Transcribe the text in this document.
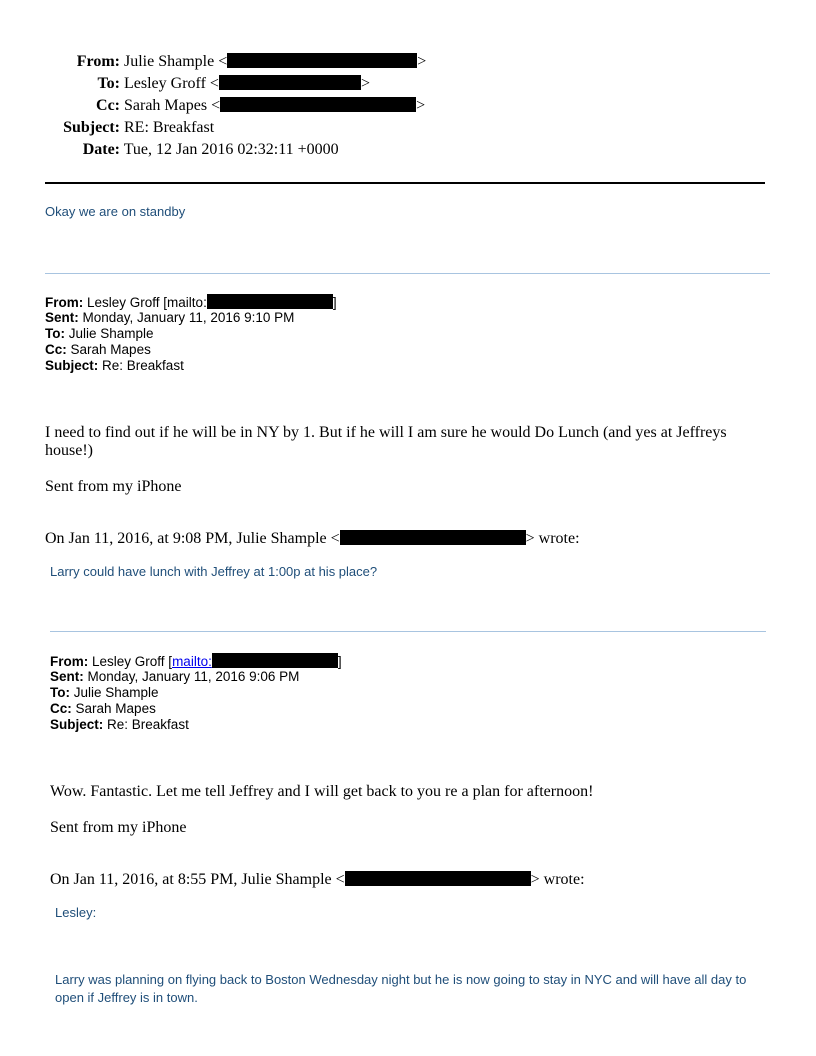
From: Julie Shample <	>
To: Lesley Groff <	>
Cc: Sarah Mapes <	>
Subject: RE: Breakfast
Date: Tue, 12 Jan 2016 02:32:11 +0000
Okay we are on standby
From: Lesley Groff [mailto:	]
Sent: Monday, January 11, 2016 9:10 PM
To: Julie Shample
Cc: Sarah Mapes
Subject: Re: Breakfast
I need to find out if he will be in NY by 1. But if he will I am sure he would Do Lunch (and yes at Jeffreys
house!)
Sent from my iPhone
On Jan 11, 2016, at 9:08 PM, Julie Shample <	> wrote:
Larry could have lunch with Jeffrey at 1:00p at his place?
From: Lesley Groff [mailto:	]
Sent: Monday, January 11, 2016 9:06 PM
To: Julie Shample
Cc: Sarah Mapes
Subject: Re: Breakfast
Wow. Fantastic. Let me tell Jeffrey and I will get back to you re a plan for afternoon!
Sent from my iPhone
On Jan 11, 2016, at 8:55 PM, Julie Shample <	> wrote:
Lesley:
Larry was planning on flying back to Boston Wednesday night but he is now going to stay in NYC and will have all day to
open if Jeffrey is in town.
